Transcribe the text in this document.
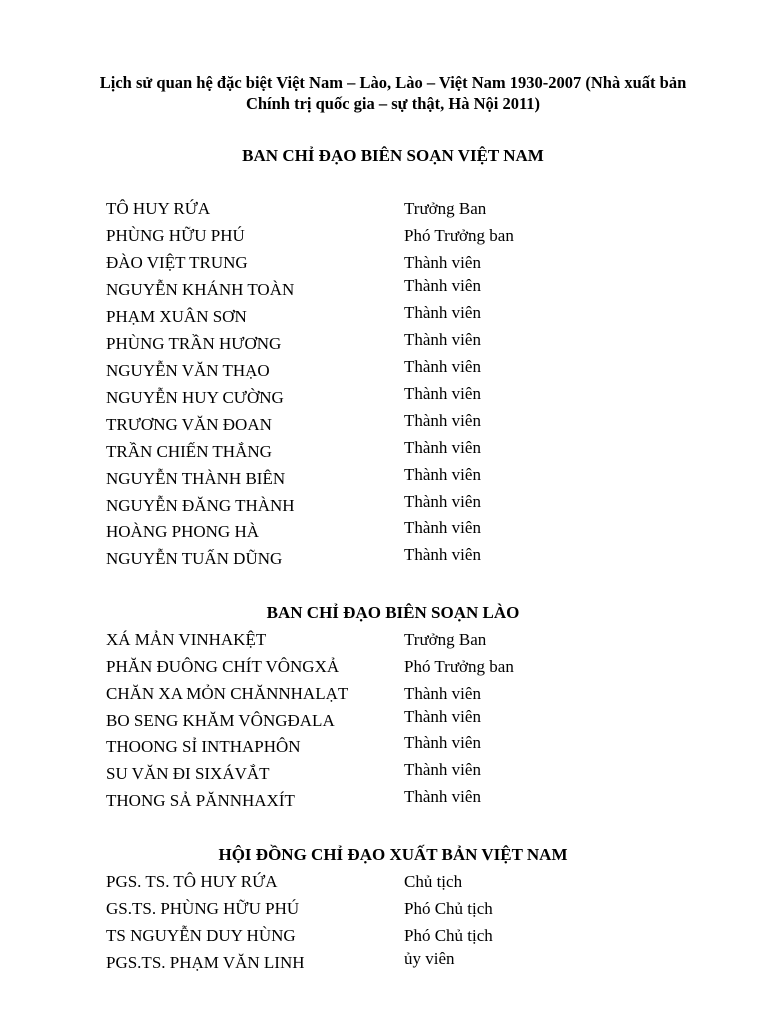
Lịch sử quan hệ đặc biệt Việt Nam – Lào, Lào – Việt Nam 1930-2007 (Nhà xuất bản Chính trị quốc gia – sự thật, Hà Nội 2011)
BAN CHỈ ĐẠO BIÊN SOẠN VIỆT NAM
TÔ HUY RỨA	Trưởng Ban
PHÙNG HỮU PHÚ	Phó Trưởng ban
ĐÀO VIỆT TRUNG	Thành viên
NGUYỄN KHÁNH TOÀN	Thành viên
PHẠM XUÂN SƠN	Thành viên
PHÙNG TRẦN HƯƠNG	Thành viên
NGUYỄN VĂN THẠO	Thành viên
NGUYỄN HUY CƯỜNG	Thành viên
TRƯƠNG VĂN ĐOAN	Thành viên
TRẦN CHIẾN THẮNG	Thành viên
NGUYỄN THÀNH BIÊN	Thành viên
NGUYỄN ĐĂNG THÀNH	Thành viên
HOÀNG PHONG HÀ	Thành viên
NGUYỄN TUẤN DŨNG	Thành viên
BAN CHỈ ĐẠO BIÊN SOẠN LÀO
XÁ MẢN VINHAKỆT	Trưởng Ban
PHĂN ĐUÔNG CHÍT VÔNGXẢ	Phó Trưởng ban
CHĂN XA MỎN CHĂNNHALẠT	Thành viên
BO SENG KHĂM VÔNGĐALA	Thành viên
THOONG SỈ INTHAPHÔN	Thành viên
SU VĂN ĐI SIXÁVẮT	Thành viên
THONG SẢ PĂNNHAXÍT	Thành viên
HỘI ĐỒNG CHỈ ĐẠO XUẤT BẢN VIỆT NAM
PGS. TS. TÔ HUY RỨA	Chủ tịch
GS.TS. PHÙNG HỮU PHÚ	Phó Chủ tịch
TS NGUYỄN DUY HÙNG	Phó Chủ tịch
PGS.TS. PHẠM VĂN LINH	ủy viên
